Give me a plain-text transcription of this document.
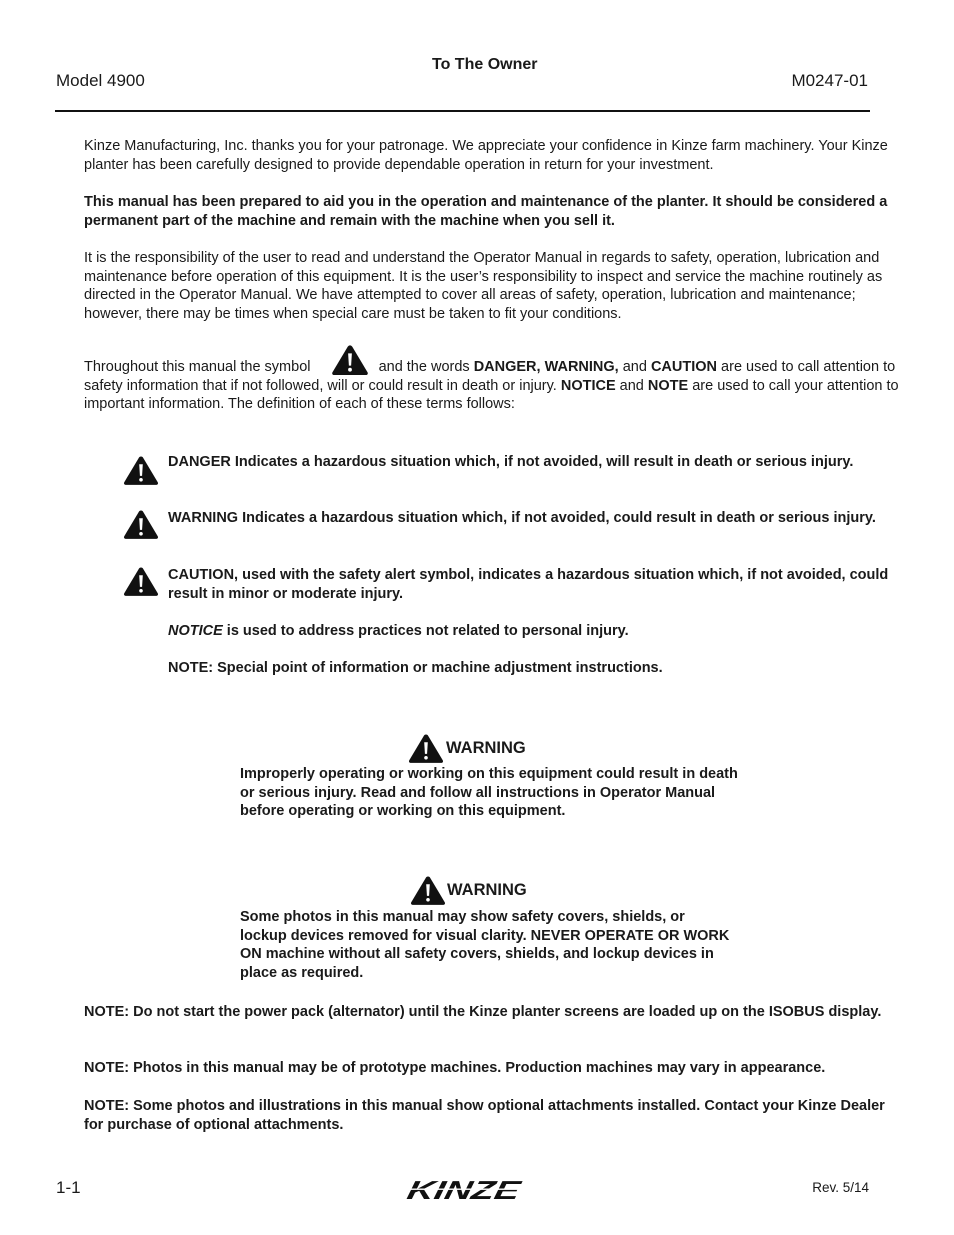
Model 4900
To The Owner
M0247-01
Kinze Manufacturing, Inc. thanks you for your patronage. We appreciate your confidence in Kinze farm machinery. Your Kinze planter has been carefully designed to provide dependable operation in return for your investment.
This manual has been prepared to aid you in the operation and maintenance of the planter. It should be considered a permanent part of the machine and remain with the machine when you sell it.
It is the responsibility of the user to read and understand the Operator Manual in regards to safety, operation, lubrication and maintenance before operation of this equipment. It is the user’s responsibility to inspect and service the machine routinely as directed in the Operator Manual. We have attempted to cover all areas of safety, operation, lubrication and maintenance; however, there may be times when special care must be taken to fit your conditions.
Throughout this manual the symbol	and the words DANGER, WARNING, and CAUTION are used to call attention to safety information that if not followed, will or could result in death or injury. NOTICE and NOTE are used to call your attention to important information. The definition of each of these terms follows:
DANGER Indicates a hazardous situation which, if not avoided, will result in death or serious injury.
WARNING Indicates a hazardous situation which, if not avoided, could result in death or serious injury.
CAUTION, used with the safety alert symbol, indicates a hazardous situation which, if not avoided, could result in minor or moderate injury.
NOTICE is used to address practices not related to personal injury.
NOTE: Special point of information or machine adjustment instructions.
WARNING
Improperly operating or working on this equipment could result in death or serious injury. Read and follow all instructions in Operator Manual before operating or working on this equipment.
WARNING
Some photos in this manual may show safety covers, shields, or lockup devices removed for visual clarity. NEVER OPERATE OR WORK ON machine without all safety covers, shields, and lockup devices in place as required.
NOTE: Do not start the power pack (alternator) until the Kinze planter screens are loaded up on the ISOBUS display.
NOTE: Photos in this manual may be of prototype machines. Production machines may vary in appearance.
NOTE: Some photos and illustrations in this manual show optional attachments installed. Contact your Kinze Dealer for purchase of optional attachments.
1-1	KINZE	Rev. 5/14
